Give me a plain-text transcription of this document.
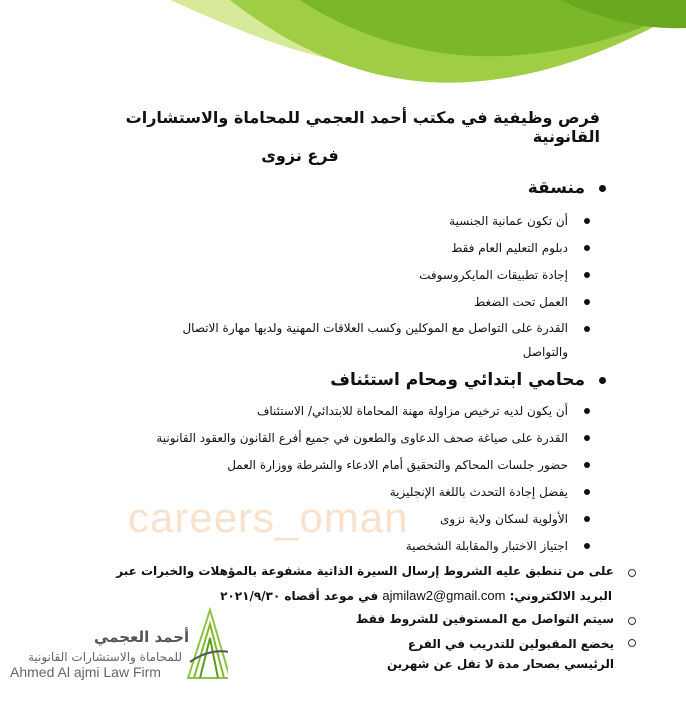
فرص وظيفية في مكتب أحمد العجمي للمحاماة والاستشارات القانونية
فرع نزوى
منسقة
أن تكون عمانية الجنسية
دبلوم التعليم العام فقط
إجادة تطبيقات المايكروسوفت
العمل تحت الضغط
القدرة على التواصل مع الموكلين وكسب العلاقات المهنية ولديها مهارة الاتصال والتواصل
محامي ابتدائي ومحام استئناف
أن يكون لديه ترخيص مزاولة مهنة المحاماة للابتدائي/ الاستئناف
القدرة على صياغة صحف الدعاوى والطعون في جميع أفرع القانون والعقود القانونية
حضور جلسات المحاكم والتحقيق أمام الادعاء والشرطة ووزارة العمل
يفضل إجادة التحدث باللغة الإنجليزية
الأولوية لسكان ولاية نزوى
اجتياز الاختبار والمقابلة الشخصية
careers_oman
على من تنطبق عليه الشروط إرسال السيرة الذاتية مشفوعة بالمؤهلات والخبرات عبر
البريد الالكتروني: ajmilaw2@gmail.com في موعد أقصاه ٢٠٢١/٩/٣٠
سيتم التواصل مع المستوفين للشروط فقط
يخضع المقبولين للتدريب في الفرع الرئيسي بصحار مدة لا تقل عن شهرين
أحمد العجمي
للمحاماة والاستشارات القانونية
Ahmed Al ajmi Law Firm
